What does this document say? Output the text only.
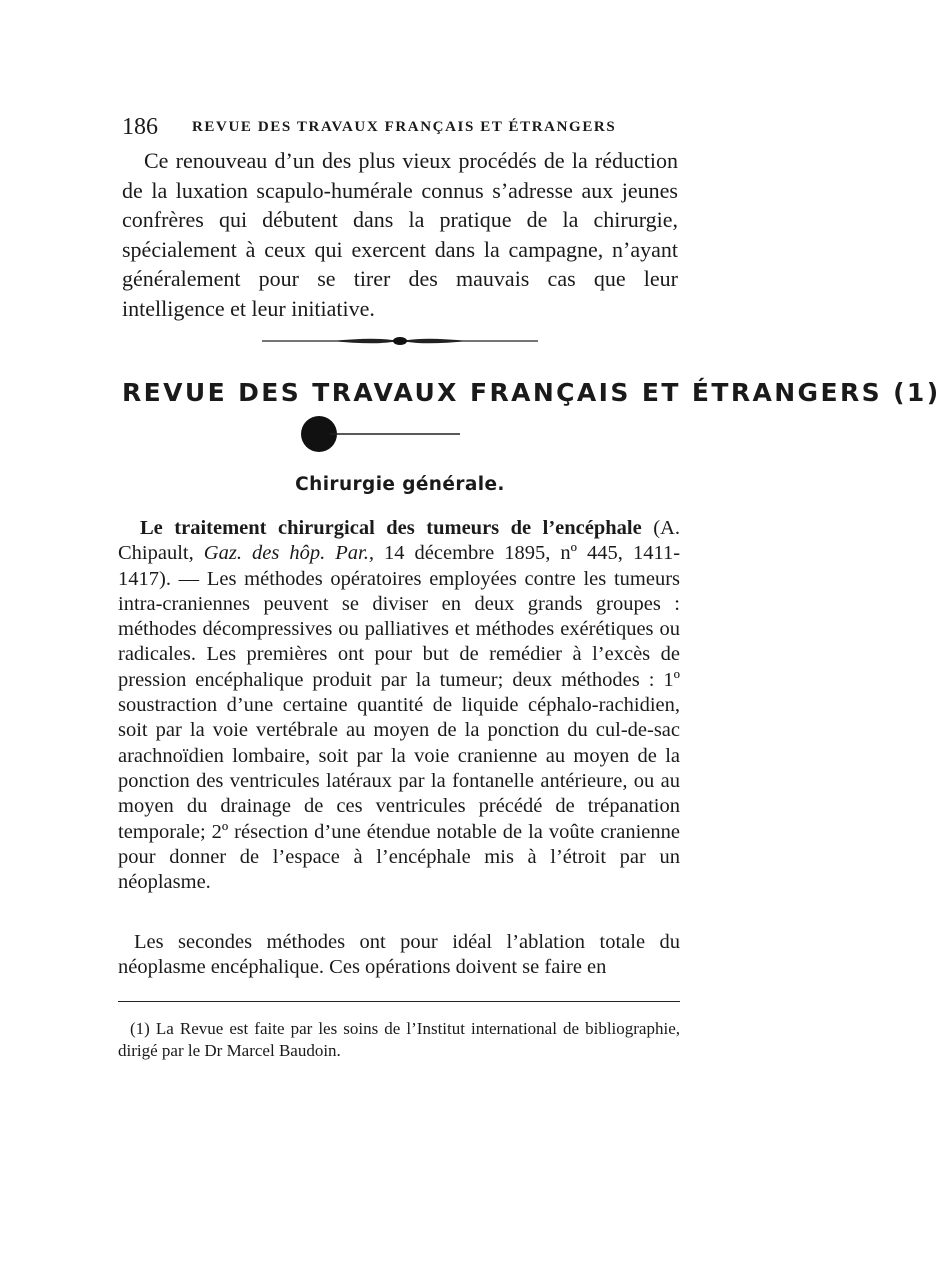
186 REVUE DES TRAVAUX FRANÇAIS ET ÉTRANGERS

Ce renouveau d’un des plus vieux procédés de la réduction de la luxation scapulo-humérale connus s’adresse aux jeunes confrères qui débutent dans la pratique de la chirurgie, spécialement à ceux qui exercent dans la campagne, n’ayant généralement pour se tirer des mauvais cas que leur intelligence et leur initiative.

REVUE DES TRAVAUX FRANÇAIS ET ÉTRANGERS (1)
Chirurgie générale.

Le traitement chirurgical des tumeurs de l’encéphale (A. Chipault, Gaz. des hôp. Par., 14 décembre 1895, nº 445, 1411-1417). — Les méthodes opératoires employées contre les tumeurs intra-craniennes peuvent se diviser en deux grands groupes : méthodes décompressives ou palliatives et méthodes exérétiques ou radicales. Les premières ont pour but de remédier à l’excès de pression encéphalique produit par la tumeur; deux méthodes : 1º soustraction d’une certaine quantité de liquide céphalo-rachidien, soit par la voie vertébrale au moyen de la ponction du cul-de-sac arachnoïdien lombaire, soit par la voie cranienne au moyen de la ponction des ventricules latéraux par la fontanelle antérieure, ou au moyen du drainage de ces ventricules précédé de trépanation temporale; 2º résection d’une étendue notable de la voûte cranienne pour donner de l’espace à l’encéphale mis à l’étroit par un néoplasme.

Les secondes méthodes ont pour idéal l’ablation totale du néoplasme encéphalique. Ces opérations doivent se faire en

(1) La Revue est faite par les soins de l’Institut international de bibliographie, dirigé par le Dr Marcel Baudoin.
